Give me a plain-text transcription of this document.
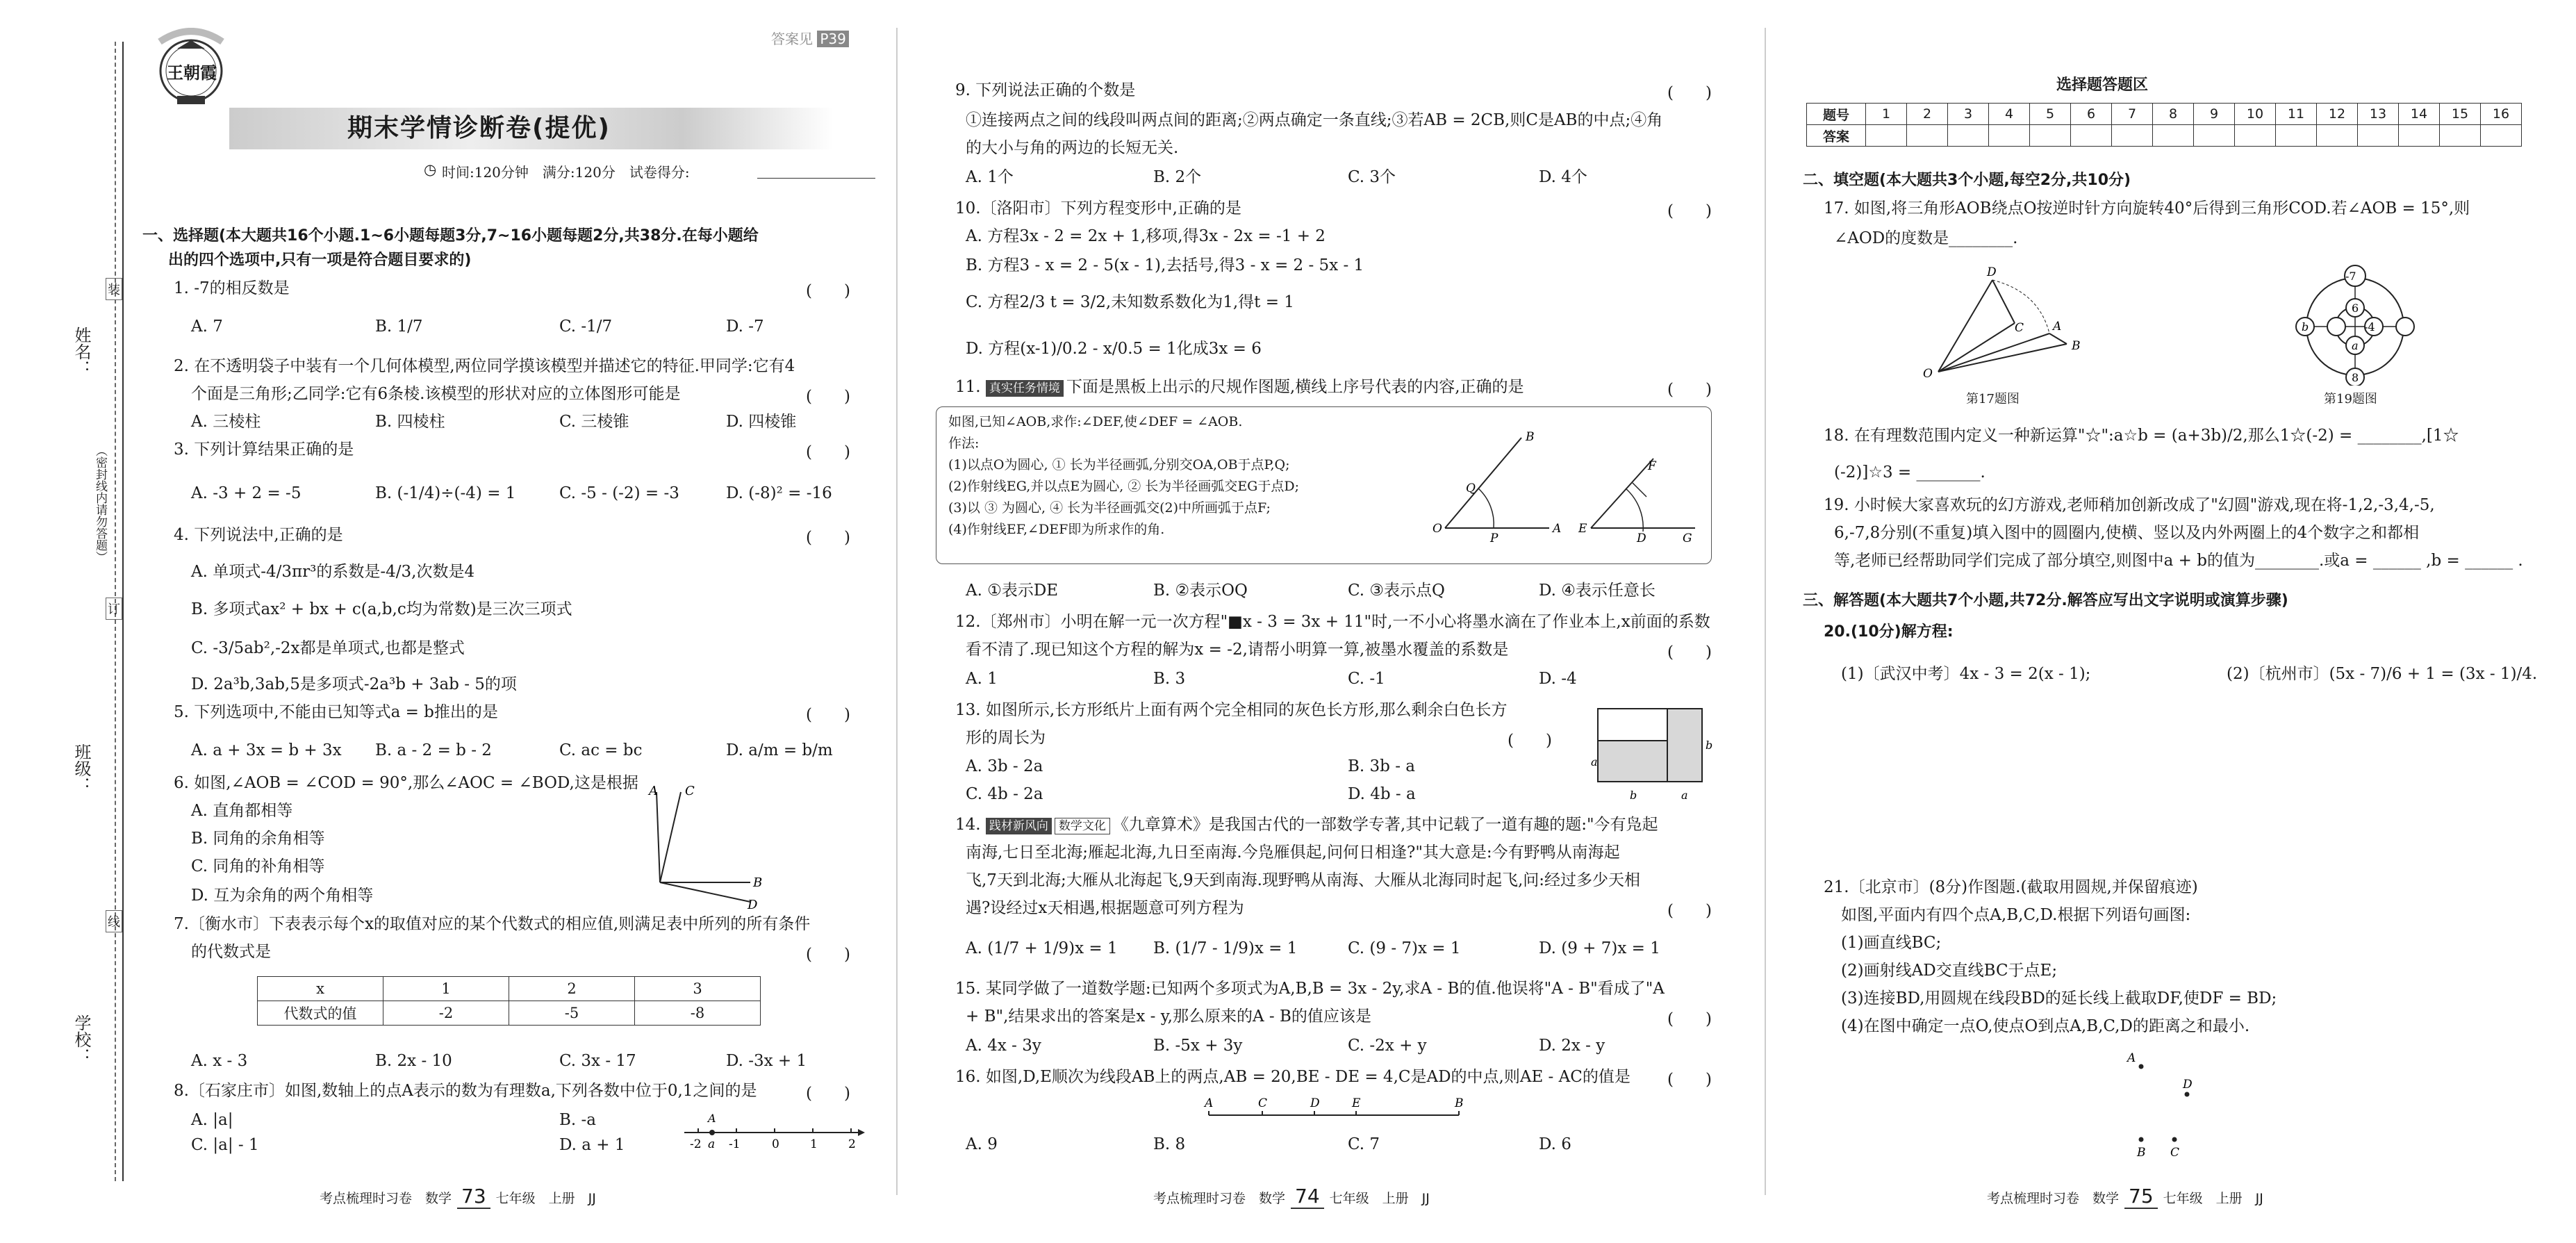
姓名：
班级：
学校：
（密封线内请勿答题）
装
订
线
王朝霞
答案见 P39
期末学情诊断卷(提优)
◷ 时间:120分钟　满分:120分　试卷得分:
一、选择题(本大题共16个小题.1~6小题每题3分,7~16小题每题2分,共38分.在每小题给
出的四个选项中,只有一项是符合题目要求的)
1. -7的相反数是	(　　)
A. 7	B. 1/7	C. -1/7	D. -7
2. 在不透明袋子中装有一个几何体模型,两位同学摸该模型并描述它的特征.甲同学:它有4
个面是三角形;乙同学:它有6条棱.该模型的形状对应的立体图形可能是	(　　)
A. 三棱柱	B. 四棱柱	C. 三棱锥	D. 四棱锥
3. 下列计算结果正确的是	(　　)
A. -3 + 2 = -5	B. (-1/4)÷(-4) = 1	C. -5 - (-2) = -3	D. (-8)² = -16
4. 下列说法中,正确的是	(　　)
A. 单项式-4/3πr³的系数是-4/3,次数是4
B. 多项式ax² + bx + c(a,b,c均为常数)是三次三项式
C. -3/5ab²,-2x都是单项式,也都是整式
D. 2a³b,3ab,5是多项式-2a³b + 3ab - 5的项
5. 下列选项中,不能由已知等式a = b推出的是	(　　)
A. a + 3x = b + 3x B. a - 2 = b - 2	C. ac = bc	D. a/m = b/m
6. 如图,∠AOB = ∠COD = 90°,那么∠AOC = ∠BOD,这是根据
A. 直角都相等
B. 同角的余角相等
C. 同角的补角相等
D. 互为余角的两个角相等
A C
B
D
7.〔衡水市〕下表表示每个x的取值对应的某个代数式的相应值,则满足表中所列的所有条件
的代数式是	(　　)
x	1	2	3
代数式的值	-2	-5	-8
A. x - 3	B. 2x - 10	C. 3x - 17	D. -3x + 1
8.〔石家庄市〕如图,数轴上的点A表示的数为有理数a,下列各数中位于0,1之间的是	(　　)
A. |a|	B. -a
C. |a| - 1	D. a + 1
A
-2 a -1	0	1	2
考点梳理时习卷　数学 73 七年级　上册　JJ
9. 下列说法正确的个数是	(　　)
①连接两点之间的线段叫两点间的距离;②两点确定一条直线;③若AB = 2CB,则C是AB的中点;④角
的大小与角的两边的长短无关.
A. 1个	B. 2个	C. 3个	D. 4个
10.〔洛阳市〕下列方程变形中,正确的是	(　　)
A. 方程3x - 2 = 2x + 1,移项,得3x - 2x = -1 + 2
B. 方程3 - x = 2 - 5(x - 1),去括号,得3 - x = 2 - 5x - 1
C. 方程2/3 t = 3/2,未知数系数化为1,得t = 1
D. 方程(x-1)/0.2 - x/0.5 = 1化成3x = 6
11. 真实任务情境 下面是黑板上出示的尺规作图题,横线上序号代表的内容,正确的是	(　　)
如图,已知∠AOB,求作:∠DEF,使∠DEF = ∠AOB.
作法:
(1)以点O为圆心, ① 长为半径画弧,分别交OA,OB于点P,Q;
(2)作射线EG,并以点E为圆心, ② 长为半径画弧交EG于点D;
(3)以 ③ 为圆心, ④ 长为半径画弧交(2)中所画弧于点F;
(4)作射线EF,∠DEF即为所求作的角.	O	A
B
Q
P
E
D	G
F
A. ①表示DE	B. ②表示OQ	C. ③表示点Q	D. ④表示任意长
12.〔郑州市〕小明在解一元一次方程"■x - 3 = 3x + 11"时,一不小心将墨水滴在了作业本上,x前面的系数
看不清了.现已知这个方程的解为x = -2,请帮小明算一算,被墨水覆盖的系数是	(　　)
A. 1	B. 3	C. -1	D. -4
13. 如图所示,长方形纸片上面有两个完全相同的灰色长方形,那么剩余白色长方
形的周长为	(　　)
A. 3b - 2a	B. 3b - a
C. 4b - 2a	D. 4b - a
b
a
b	a
14. 践材新风向 数学文化 《九章算术》是我国古代的一部数学专著,其中记载了一道有趣的题:"今有凫起
南海,七日至北海;雁起北海,九日至南海.今凫雁俱起,问何日相逢?"其大意是:今有野鸭从南海起
飞,7天到北海;大雁从北海起飞,9天到南海.现野鸭从南海、大雁从北海同时起飞,问:经过多少天相
遇?设经过x天相遇,根据题意可列方程为	(　　)
A. (1/7 + 1/9)x = 1 B. (1/7 - 1/9)x = 1	C. (9 - 7)x = 1	D. (9 + 7)x = 1
15. 某同学做了一道数学题:已知两个多项式为A,B,B = 3x - 2y,求A - B的值.他误将"A - B"看成了"A
+ B",结果求出的答案是x - y,那么原来的A - B的值应该是	(　　)
A. 4x - 3y	B. -5x + 3y	C. -2x + y	D. 2x - y
16. 如图,D,E顺次为线段AB上的两点,AB = 20,BE - DE = 4,C是AD的中点,则AE - AC的值是 (　　)
A	C	D	E	B
A. 9	B. 8	C. 7	D. 6
考点梳理时习卷　数学 74 七年级　上册　JJ
选择题答题区
题号	1	2	3	4	5	6	7	8	9	10	11	12	13	14	15	16
答案																
二、填空题(本大题共3个小题,每空2分,共10分)
17. 如图,将三角形AOB绕点O按逆时针方向旋转40°后得到三角形COD.若∠AOB = 15°,则
∠AOD的度数是________.
O
D
C A
B
第17题图
-7
6
b	-4
a
8
第19题图
18. 在有理数范围内定义一种新运算"☆":a☆b = (a+3b)/2,那么1☆(-2) = ________,[1☆
(-2)]☆3 = ________.
19. 小时候大家喜欢玩的幻方游戏,老师稍加创新改成了"幻圆"游戏,现在将-1,2,-3,4,-5,
6,-7,8分别(不重复)填入图中的圆圈内,使横、竖以及内外两圈上的4个数字之和都相
等,老师已经帮助同学们完成了部分填空,则图中a + b的值为________.或a = ______ ,b = ______ .
三、解答题(本大题共7个小题,共72分.解答应写出文字说明或演算步骤)
20.(10分)解方程:
(1)〔武汉中考〕4x - 3 = 2(x - 1);	(2)〔杭州市〕(5x - 7)/6 + 1 = (3x - 1)/4.
21.〔北京市〕(8分)作图题.(截取用圆规,并保留痕迹)
如图,平面内有四个点A,B,C,D.根据下列语句画图:
(1)画直线BC;
(2)画射线AD交直线BC于点E;
(3)连接BD,用圆规在线段BD的延长线上截取DF,使DF = BD;
(4)在图中确定一点O,使点O到点A,B,C,D的距离之和最小.
A
D
B C
考点梳理时习卷　数学 75 七年级　上册　JJ
